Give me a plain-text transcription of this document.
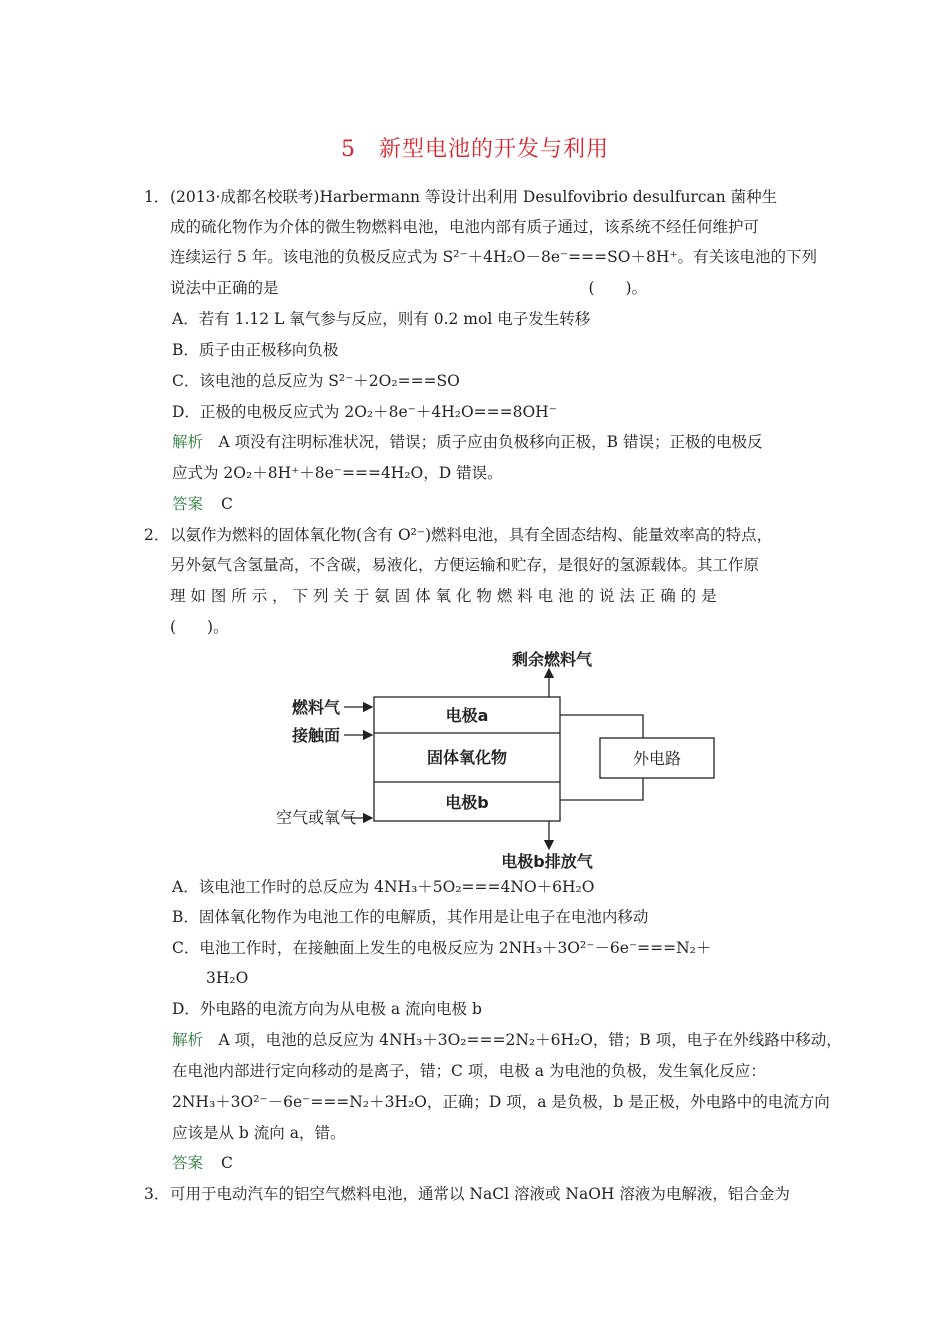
5　新型电池的开发与利用
1． (2013·成都名校联考)Harbermann 等设计出利用 Desulfovibrio desulfurcan 菌种生
成的硫化物作为介体的微生物燃料电池，电池内部有质子通过，该系统不经任何维护可
连续运行 5 年。该电池的负极反应式为 S²⁻＋4H₂O－8e⁻===SO＋8H⁺。有关该电池的下列
说法中正确的是　　　　　　　　　　　　　　　　　　　　(　　)。
A．若有 1.12 L 氧气参与反应，则有 0.2 mol 电子发生转移
B．质子由正极移向负极
C．该电池的总反应为 S²⁻＋2O₂===SO
D．正极的电极反应式为 2O₂＋8e⁻＋4H₂O===8OH⁻
解析　 A 项没有注明标准状况，错误；质子应由负极移向正极，B 错误；正极的电极反
应式为 2O₂＋8H⁺＋8e⁻===4H₂O，D 错误。
答案 C
2． 以氨作为燃料的固体氧化物(含有 O²⁻)燃料电池，具有全固态结构、能量效率高的特点，
另外氨气含氢量高，不含碳，易液化，方便运输和贮存，是很好的氢源载体。其工作原
理 如 图 所 示 ， 下 列 关 于 氨 固 体 氧 化 物 燃 料 电 池 的 说 法 正 确 的 是
(　　)。
电极a
固体氧化物
电极b
外电路
剩余燃料气
燃料气
接触面
空气或氧气
电极b排放气
A．该电池工作时的总反应为 4NH₃＋5O₂===4NO＋6H₂O
B．固体氧化物作为电池工作的电解质，其作用是让电子在电池内移动
C．电池工作时，在接触面上发生的电极反应为 2NH₃＋3O²⁻－6e⁻===N₂＋
3H₂O
D．外电路的电流方向为从电极 a 流向电极 b
解析　 A 项，电池的总反应为 4NH₃＋3O₂===2N₂＋6H₂O，错；B 项，电子在外线路中移动，
在电池内部进行定向移动的是离子，错；C 项，电极 a 为电池的负极，发生氧化反应：
2NH₃＋3O²⁻－6e⁻===N₂＋3H₂O，正确；D 项，a 是负极，b 是正极，外电路中的电流方向
应该是从 b 流向 a，错。
答案 C
3． 可用于电动汽车的铝空气燃料电池，通常以 NaCl 溶液或 NaOH 溶液为电解液，铝合金为
